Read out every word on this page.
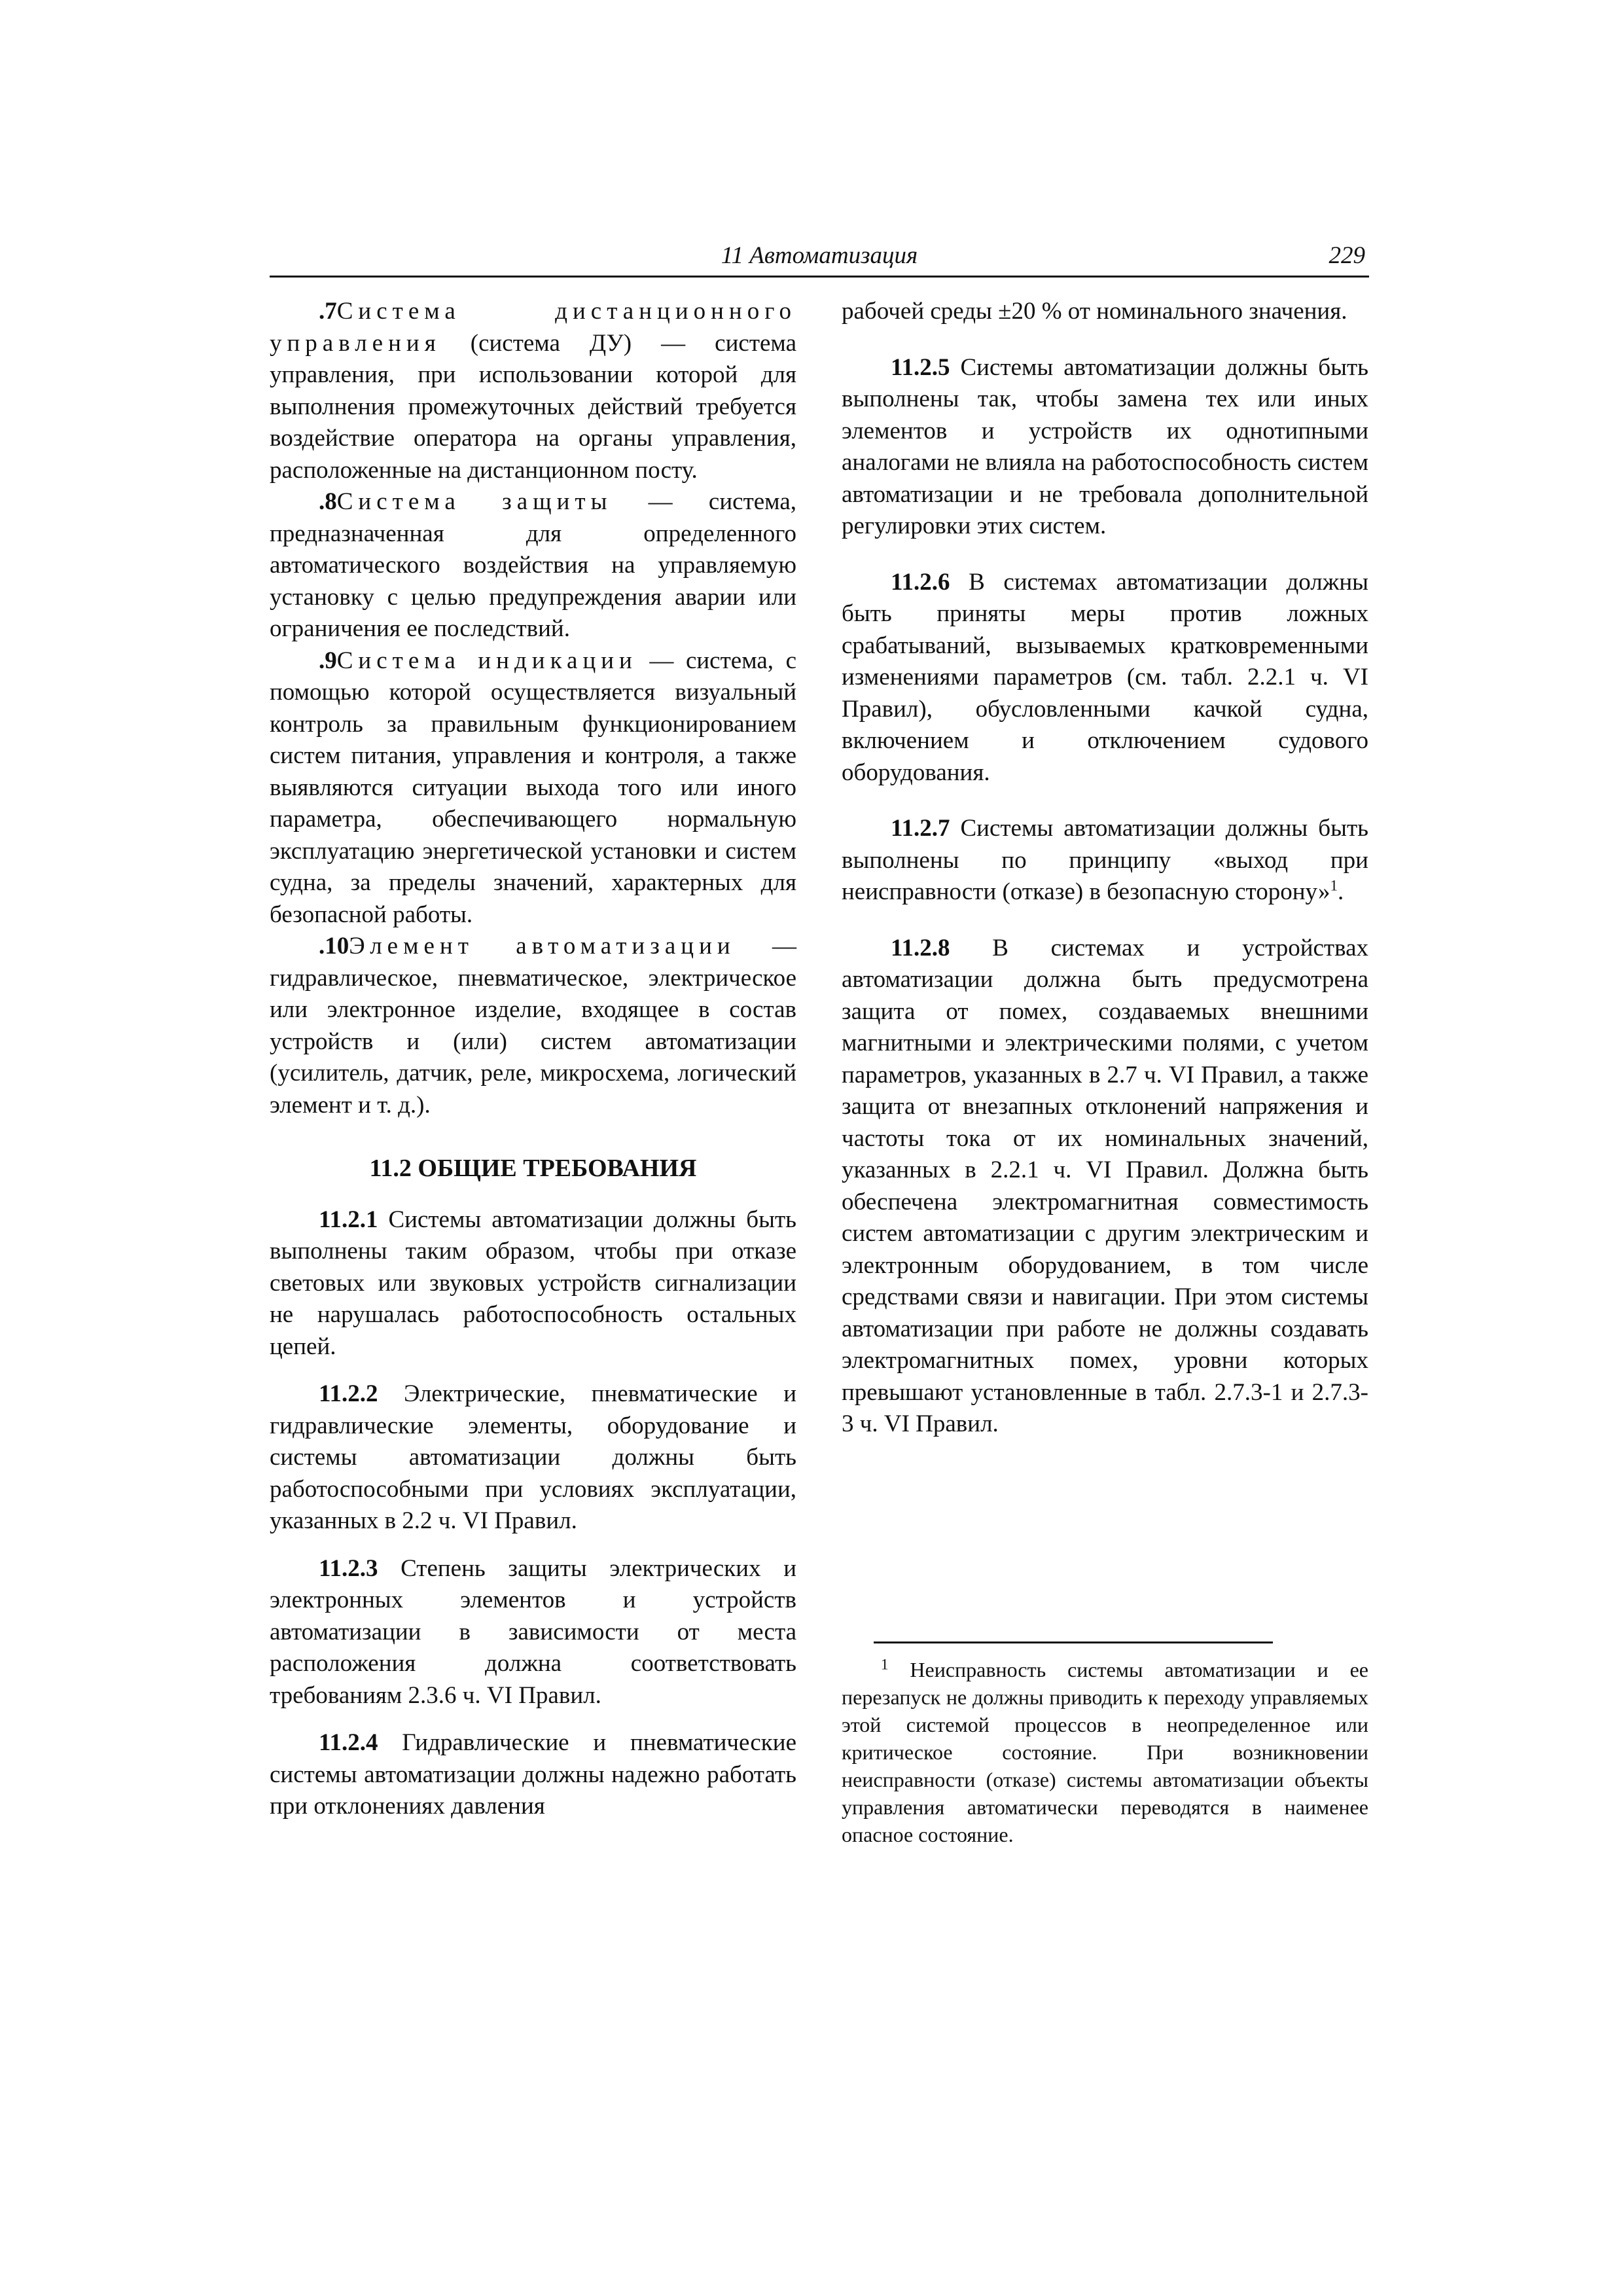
11 Автоматизация	229

.7Система дистанционного управления (система ДУ) — система управления, при использовании которой для выполнения промежуточных действий требуется воздействие оператора на органы управления, расположенные на дистанционном посту.

.8Система защиты — система, предназначенная для определенного автоматического воздействия на управляемую установку с целью предупреждения аварии или ограничения ее последствий.

.9Система индикации — система, с помощью которой осуществляется визуальный контроль за правильным функционированием систем питания, управления и контроля, а также выявляются ситуации выхода того или иного параметра, обеспечивающего нормальную эксплуатацию энергетической установки и систем судна, за пределы значений, характерных для безопасной работы.

.10Элемент автоматизации — гидравлическое, пневматическое, электрическое или электронное изделие, входящее в состав устройств и (или) систем автоматизации (усилитель, датчик, реле, микросхема, логический элемент и т. д.).

11.2 ОБЩИЕ ТРЕБОВАНИЯ

11.2.1 Системы автоматизации должны быть выполнены таким образом, чтобы при отказе световых или звуковых устройств сигнализации не нарушалась работоспособность остальных цепей.

11.2.2 Электрические, пневматические и гидравлические элементы, оборудование и системы автоматизации должны быть работоспособными при условиях эксплуатации, указанных в 2.2 ч. VI Правил.

11.2.3 Степень защиты электрических и электронных элементов и устройств автоматизации в зависимости от места расположения должна соответствовать требованиям 2.3.6 ч. VI Правил.

11.2.4 Гидравлические и пневматические системы автоматизации должны надежно работать при отклонениях давления

рабочей среды ±20 % от номинального значения.

11.2.5 Системы автоматизации должны быть выполнены так, чтобы замена тех или иных элементов и устройств их однотипными аналогами не влияла на работоспособность систем автоматизации и не требовала дополнительной регулировки этих систем.

11.2.6 В системах автоматизации должны быть приняты меры против ложных срабатываний, вызываемых кратковременными изменениями параметров (см. табл. 2.2.1 ч. VI Правил), обусловленными качкой судна, включением и отключением судового оборудования.

11.2.7 Системы автоматизации должны быть выполнены по принципу «выход при неисправности (отказе) в безопасную сторону»$^1$.

11.2.8 В системах и устройствах автоматизации должна быть предусмотрена защита от помех, создаваемых внешними магнитными и электрическими полями, с учетом параметров, указанных в 2.7 ч. VI Правил, а также защита от внезапных отклонений напряжения и частоты тока от их номинальных значений, указанных в 2.2.1 ч. VI Правил. Должна быть обеспечена электромагнитная совместимость систем автоматизации с другим электрическим и электронным оборудованием, в том числе средствами связи и навигации. При этом системы автоматизации при работе не должны создавать электромагнитных помех, уровни которых превышают установленные в табл. 2.7.3-1 и 2.7.3-3 ч. VI Правил.

$^1$ Неисправность системы автоматизации и ее перезапуск не должны приводить к переходу управляемых этой системой процессов в неопределенное или критическое состояние. При возникновении неисправности (отказе) системы автоматизации объекты управления автоматически переводятся в наименее опасное состояние.
